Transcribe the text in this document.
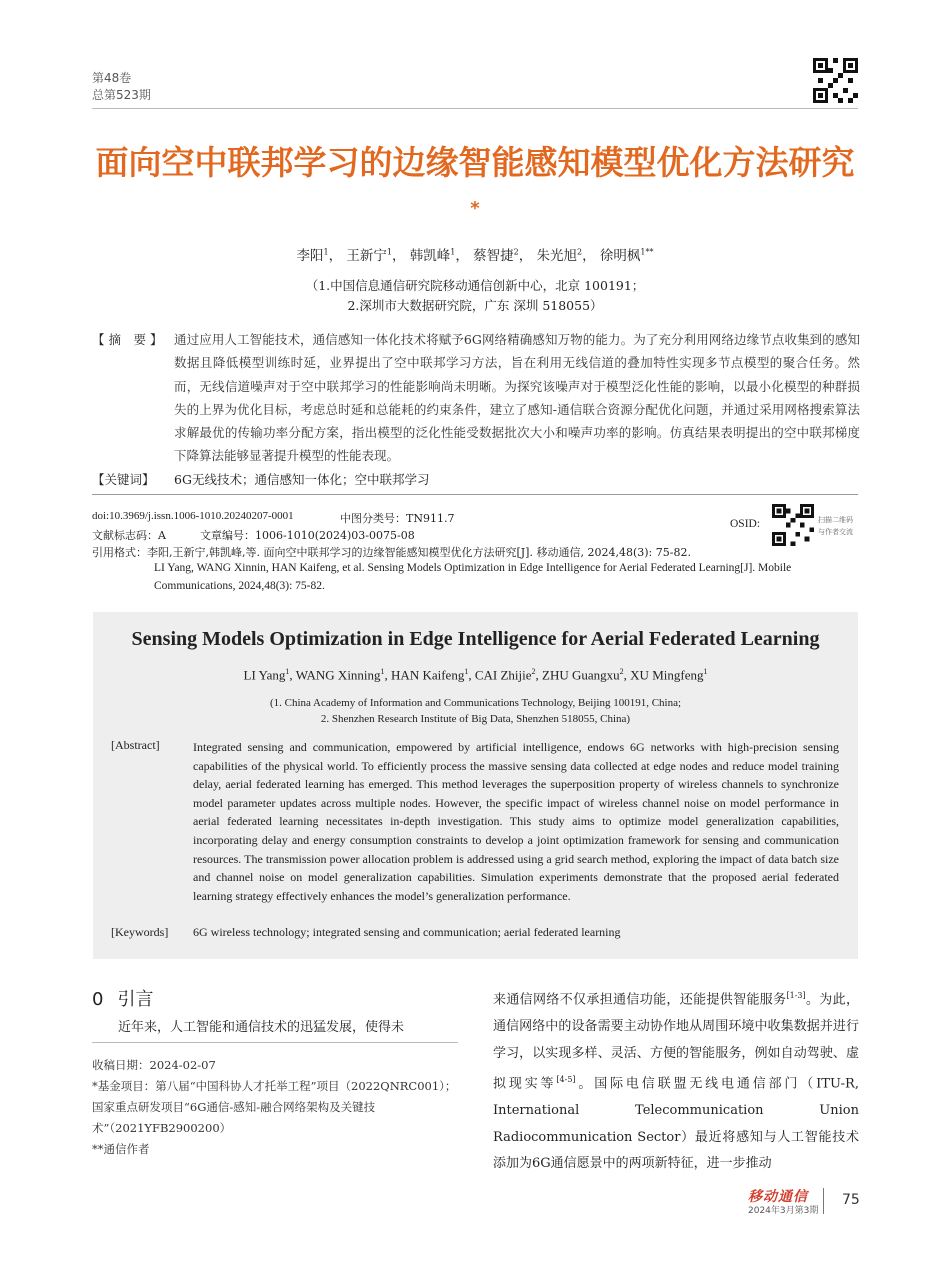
第48卷
总第523期
面向空中联邦学习的边缘智能感知模型优化方法研究*
李阳$^1$， 王新宁$^1$， 韩凯峰$^1$， 蔡智捷$^2$， 朱光旭$^2$， 徐明枫$^{1**}$
（1.中国信息通信研究院移动通信创新中心，北京 100191；
2.深圳市大数据研究院，广东 深圳 518055）
【 摘　要 】 通过应用人工智能技术，通信感知一体化技术将赋予6G网络精确感知万物的能力。为了充分利用网络边缘节点收集到的感知数据且降低模型训练时延，业界提出了空中联邦学习方法，旨在利用无线信道的叠加特性实现多节点模型的聚合任务。然而，无线信道噪声对于空中联邦学习的性能影响尚未明晰。为探究该噪声对于模型泛化性能的影响，以最小化模型的种群损失的上界为优化目标，考虑总时延和总能耗的约束条件，建立了感知-通信联合资源分配优化问题，并通过采用网格搜索算法求解最优的传输功率分配方案，指出模型的泛化性能受数据批次大小和噪声功率的影响。仿真结果表明提出的空中联邦梯度下降算法能够显著提升模型的性能表现。
【关键词】 6G无线技术；通信感知一体化；空中联邦学习
doi:10.3969/j.issn.1006-1010.20240207-0001	中图分类号：TN911.7
文献标志码：A	文章编号：1006-1010(2024)03-0075-08
OSID:	扫描二维码
与作者交流
引用格式：李阳,王新宁,韩凯峰,等. 面向空中联邦学习的边缘智能感知模型优化方法研究[J]. 移动通信, 2024,48(3): 75-82.
LI Yang, WANG Xinnin, HAN Kaifeng, et al. Sensing Models Optimization in Edge Intelligence for Aerial Federated Learning[J]. Mobile Communications, 2024,48(3): 75-82.
Sensing Models Optimization in Edge Intelligence for Aerial Federated Learning
LI Yang$^1$, WANG Xinning$^1$, HAN Kaifeng$^1$, CAI Zhijie$^2$, ZHU Guangxu$^2$, XU Mingfeng$^1$
(1. China Academy of Information and Communications Technology, Beijing 100191, China;
2. Shenzhen Research Institute of Big Data, Shenzhen 518055, China)
[Abstract]	Integrated sensing and communication, empowered by artificial intelligence, endows 6G networks with high-precision sensing capabilities of the physical world. To efficiently process the massive sensing data collected at edge nodes and reduce model training delay, aerial federated learning has emerged. This method leverages the superposition property of wireless channels to synchronize model parameter updates across multiple nodes. However, the specific impact of wireless channel noise on model performance in aerial federated learning necessitates in-depth investigation. This study aims to optimize model generalization capabilities, incorporating delay and energy consumption constraints to develop a joint optimization framework for sensing and communication resources. The transmission power allocation problem is addressed using a grid search method, exploring the impact of data batch size and channel noise on model generalization capabilities. Simulation experiments demonstrate that the proposed aerial federated learning strategy effectively enhances the model’s generalization performance.
[Keywords] 6G wireless technology; integrated sensing and communication; aerial federated learning
0 引言
近年来，人工智能和通信技术的迅猛发展，使得未
收稿日期：2024-02-07
*基金项目：第八届“中国科协人才托举工程”项目（2022QNRC001）；国家重点研发项目“6G通信-感知-融合网络架构及关键技术”（2021YFB2900200）
**通信作者
来通信网络不仅承担通信功能，还能提供智能服务[1-3]。为此，通信网络中的设备需要主动协作地从周围环境中收集数据并进行学习，以实现多样、灵活、方便的智能服务，例如自动驾驶、虚拟现实等[4-5]。国际电信联盟无线电通信部门（ITU-R, International Telecommunication Union Radiocommunication Sector）最近将感知与人工智能技术添加为6G通信愿景中的两项新特征，进一步推动
移动通信
2024年3月第3期
75
